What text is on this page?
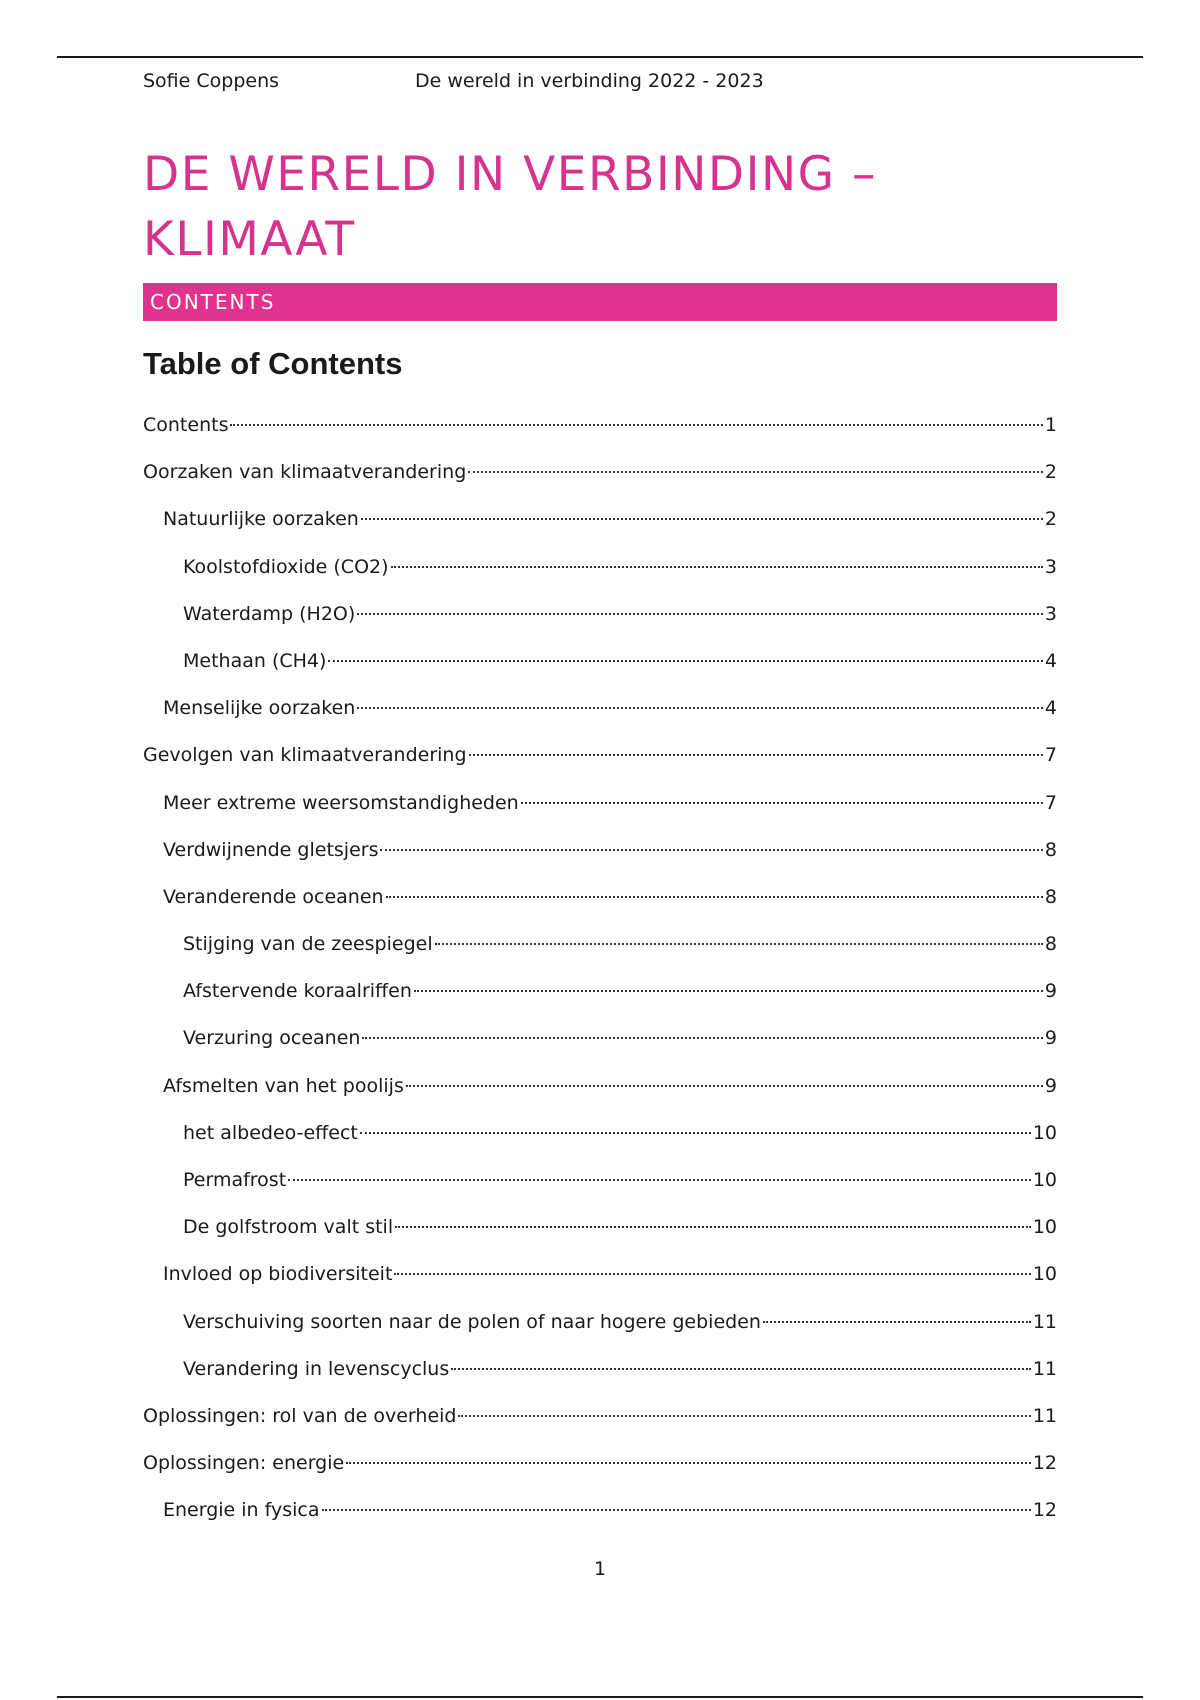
Sofie Coppens	De wereld in verbinding 2022 - 2023
DE WERELD IN VERBINDING –
KLIMAAT
CONTENTS
Table of Contents
Contents	1
Oorzaken van klimaatverandering	2
Natuurlijke oorzaken	2
Koolstofdioxide (CO2)	3
Waterdamp (H2O)	3
Methaan (CH4)	4
Menselijke oorzaken	4
Gevolgen van klimaatverandering	7
Meer extreme weersomstandigheden	7
Verdwijnende gletsjers	8
Veranderende oceanen	8
Stijging van de zeespiegel	8
Afstervende koraalriffen	9
Verzuring oceanen	9
Afsmelten van het poolijs	9
het albedeo-effect	10
Permafrost	10
De golfstroom valt stil	10
Invloed op biodiversiteit	10
Verschuiving soorten naar de polen of naar hogere gebieden	11
Verandering in levenscyclus	11
Oplossingen: rol van de overheid	11
Oplossingen: energie	12
Energie in fysica	12
1
